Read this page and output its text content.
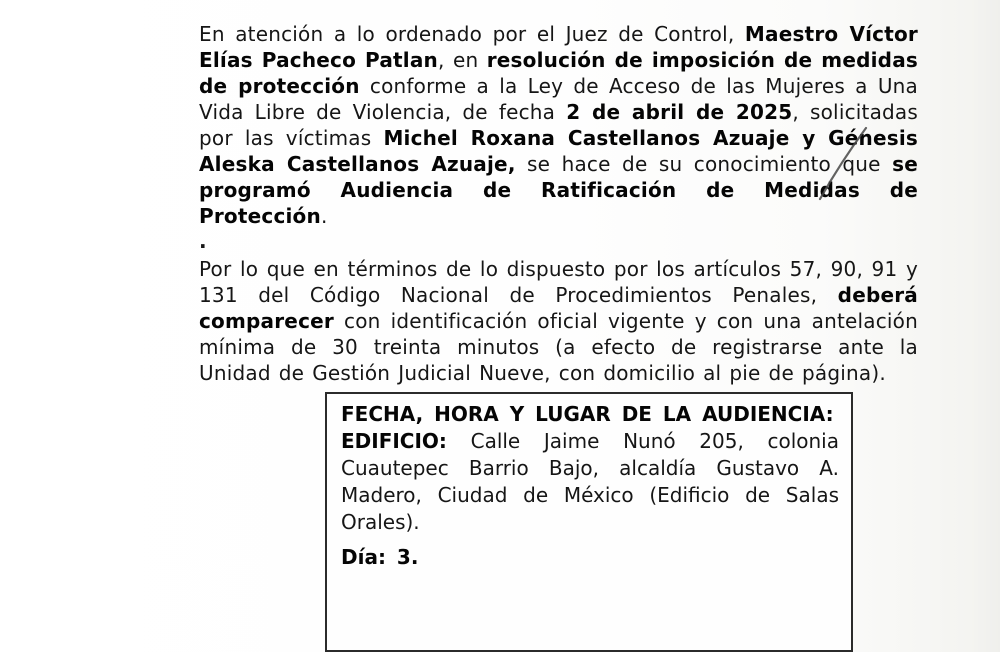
En atención a lo ordenado por el Juez de Control, Maestro Víctor Elías Pacheco Patlan, en resolución de imposición de medidas de protección conforme a la Ley de Acceso de las Mujeres a Una Vida Libre de Violencia, de fecha 2 de abril de 2025, solicitadas por las víctimas Michel Roxana Castellanos Azuaje y Génesis Aleska Castellanos Azuaje, se hace de su conocimiento que se programó Audiencia de Ratificación de Medidas de Protección.

.

Por lo que en términos de lo dispuesto por los artículos 57, 90, 91 y 131 del Código Nacional de Procedimientos Penales, deberá comparecer con identificación oficial vigente y con una antelación mínima de 30 treinta minutos (a efecto de registrarse ante la Unidad de Gestión Judicial Nueve, con domicilio al pie de página).

FECHA, HORA Y LUGAR DE LA AUDIENCIA:

EDIFICIO: Calle Jaime Nunó 205, colonia Cuautepec Barrio Bajo, alcaldía Gustavo A. Madero, Ciudad de México (Edificio de Salas Orales).

Día: 3.
